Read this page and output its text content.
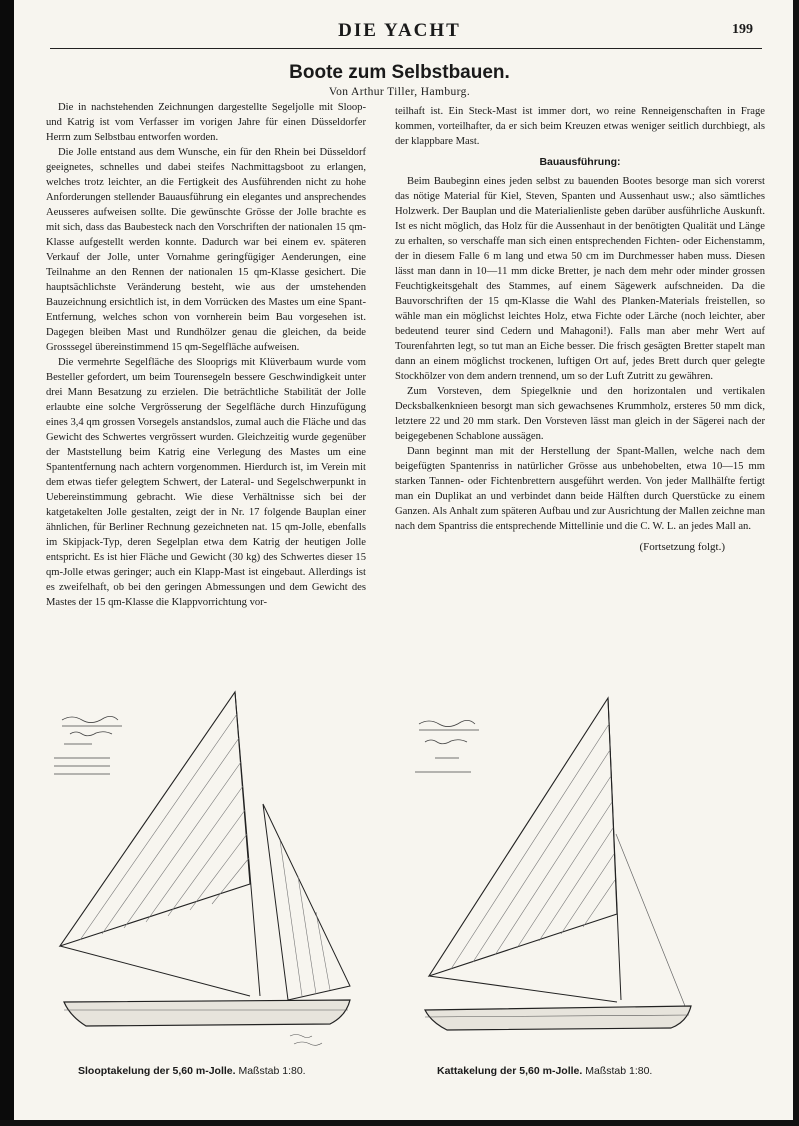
DIE YACHT	199
Boote zum Selbstbauen.
Von Arthur Tiller, Hamburg.

Die in nachstehenden Zeichnungen dargestellte Segeljolle mit Sloop- und Katrig ist vom Verfasser im vorigen Jahre für einen Düsseldorfer Herrn zum Selbstbau entworfen worden.

Die Jolle entstand aus dem Wunsche, ein für den Rhein bei Düsseldorf geeignetes, schnelles und dabei steifes Nachmittagsboot zu erlangen, welches trotz leichter, an die Fertigkeit des Ausführenden nicht zu hohe Anforderungen stellender Bauausführung ein elegantes und ansprechendes Aeusseres aufweisen sollte. Die gewünschte Grösse der Jolle brachte es mit sich, dass das Baubesteck nach den Vorschriften der nationalen 15 qm-Klasse aufgestellt werden konnte. Dadurch war bei einem ev. späteren Verkauf der Jolle, unter Vornahme geringfügiger Aenderungen, eine Teilnahme an den Rennen der nationalen 15 qm-Klasse gesichert. Die hauptsächlichste Veränderung besteht, wie aus der umstehenden Bauzeichnung ersichtlich ist, in dem Vorrücken des Mastes um eine Spant-Entfernung, welches schon von vornherein beim Bau vorgesehen ist. Dagegen bleiben Mast und Rundhölzer genau die gleichen, da beide Grosssegel übereinstimmend 15 qm-Segelfläche aufweisen.

Die vermehrte Segelfläche des Slooprigs mit Klüverbaum wurde vom Besteller gefordert, um beim Tourensegeln bessere Geschwindigkeit unter drei Mann Besatzung zu erzielen. Die beträchtliche Stabilität der Jolle erlaubte eine solche Vergrösserung der Segelfläche durch Hinzufügung eines 3,4 qm grossen Vorsegels anstandslos, zumal auch die Fläche und das Gewicht des Schwertes vergrössert wurden. Gleichzeitig wurde gegenüber der Maststellung beim Katrig eine Verlegung des Mastes um eine Spantentfernung nach achtern vorgenommen. Hierdurch ist, im Verein mit dem etwas tiefer gelegtem Schwert, der Lateral- und Segelschwerpunkt in Uebereinstimmung gebracht. Wie diese Verhältnisse sich bei der katgetakelten Jolle gestalten, zeigt der in Nr. 17 folgende Bauplan einer ähnlichen, für Berliner Rechnung gezeichneten nat. 15 qm-Jolle, ebenfalls im Skipjack-Typ, deren Segelplan etwa dem Katrig der heutigen Jolle entspricht. Es ist hier Fläche und Gewicht (30 kg) des Schwertes dieser 15 qm-Jolle etwas geringer; auch ein Klapp-Mast ist eingebaut. Allerdings ist es zweifelhaft, ob bei den geringen Abmessungen und dem Gewicht des Mastes der 15 qm-Klasse die Klappvorrichtung vor-

teilhaft ist. Ein Steck-Mast ist immer dort, wo reine Renneigenschaften in Frage kommen, vorteilhafter, da er sich beim Kreuzen etwas weniger seitlich durchbiegt, als der klappbare Mast.

Bauausführung:

Beim Baubeginn eines jeden selbst zu bauenden Bootes besorge man sich vorerst das nötige Material für Kiel, Steven, Spanten und Aussenhaut usw.; also sämtliches Holzwerk. Der Bauplan und die Materialienliste geben darüber ausführliche Auskunft. Ist es nicht möglich, das Holz für die Aussenhaut in der benötigten Qualität und Länge zu erhalten, so verschaffe man sich einen entsprechenden Fichten- oder Eichenstamm, der in diesem Falle 6 m lang und etwa 50 cm im Durchmesser haben muss. Diesen lässt man dann in 10—11 mm dicke Bretter, je nach dem mehr oder minder grossen Feuchtigkeitsgehalt des Stammes, auf einem Sägewerk aufschneiden. Da die Bauvorschriften der 15 qm-Klasse die Wahl des Planken-Materials freistellen, so wähle man ein möglichst leichtes Holz, etwa Fichte oder Lärche (noch leichter, aber bedeutend teurer sind Cedern und Mahagoni!). Falls man aber mehr Wert auf Tourenfahrten legt, so tut man an Eiche besser. Die frisch gesägten Bretter stapelt man dann an einem möglichst trockenen, luftigen Ort auf, jedes Brett durch quer gelegte Stockhölzer von dem andern trennend, um so der Luft Zutritt zu gewähren.

Zum Vorsteven, dem Spiegelknie und den horizontalen und vertikalen Decksbalkenknieen besorgt man sich gewachsenes Krummholz, ersteres 50 mm dick, letztere 22 und 20 mm stark. Den Vorsteven lässt man gleich in der Sägerei nach der beigegebenen Schablone aussägen.

Dann beginnt man mit der Herstellung der Spant-Mallen, welche nach dem beigefügten Spantenriss in natürlicher Grösse aus unbehobelten, etwa 10—15 mm starken Tannen- oder Fichtenbrettern ausgeführt werden. Von jeder Mallhälfte fertigt man ein Duplikat an und verbindet dann beide Hälften durch Querstücke zu einem Ganzen. Als Anhalt zum späteren Aufbau und zur Ausrichtung der Mallen zeichne man nach dem Spantriss die entsprechende Mittellinie und die C. W. L. an jedes Mall an.

(Fortsetzung folgt.)
Slooptakelung der 5,60 m-Jolle. Maßstab 1:80.	Kattakelung der 5,60 m-Jolle. Maßstab 1:80.
